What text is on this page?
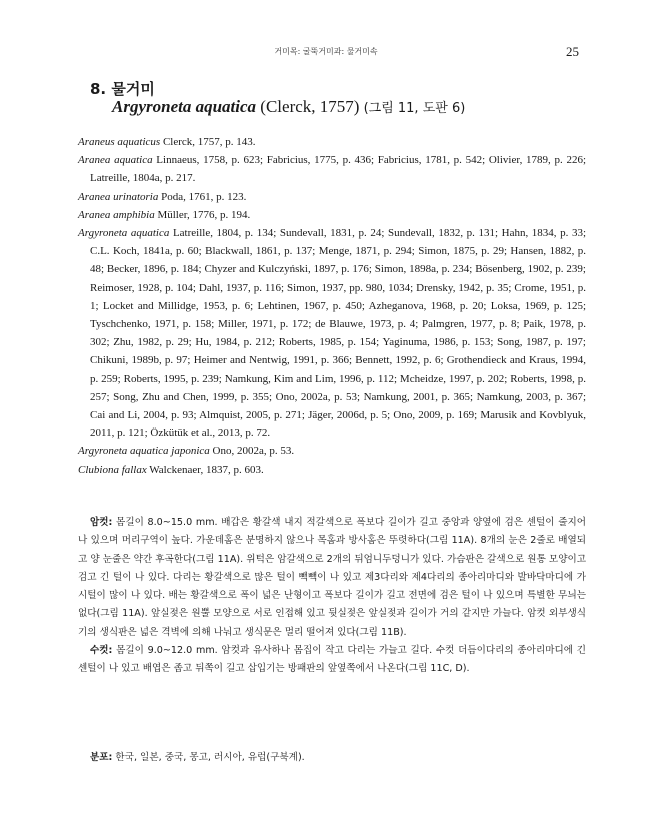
거미목: 굴뚝거미과: 물거미속	25
8. 물거미
Argyroneta aquatica (Clerck, 1757) (그림 11, 도판 6)

Araneus aquaticus Clerck, 1757, p. 143.

Aranea aquatica Linnaeus, 1758, p. 623; Fabricius, 1775, p. 436; Fabricius, 1781, p. 542; Olivier, 1789, p. 226; Latreille, 1804a, p. 217.

Aranea urinatoria Poda, 1761, p. 123.

Aranea amphibia Müller, 1776, p. 194.

Argyroneta aquatica Latreille, 1804, p. 134; Sundevall, 1831, p. 24; Sundevall, 1832, p. 131; Hahn, 1834, p. 33; C.L. Koch, 1841a, p. 60; Blackwall, 1861, p. 137; Menge, 1871, p. 294; Simon, 1875, p. 29; Hansen, 1882, p. 48; Becker, 1896, p. 184; Chyzer and Kulczyński, 1897, p. 176; Simon, 1898a, p. 234; Bösenberg, 1902, p. 239; Reimoser, 1928, p. 104; Dahl, 1937, p. 116; Simon, 1937, pp. 980, 1034; Drensky, 1942, p. 35; Crome, 1951, p. 1; Locket and Millidge, 1953, p. 6; Lehtinen, 1967, p. 450; Azheganova, 1968, p. 20; Loksa, 1969, p. 125; Tyschchenko, 1971, p. 158; Miller, 1971, p. 172; de Blauwe, 1973, p. 4; Palmgren, 1977, p. 8; Paik, 1978, p. 302; Zhu, 1982, p. 29; Hu, 1984, p. 212; Roberts, 1985, p. 154; Yaginuma, 1986, p. 153; Song, 1987, p. 197; Chikuni, 1989b, p. 97; Heimer and Nentwig, 1991, p. 366; Bennett, 1992, p. 6; Grothendieck and Kraus, 1994, p. 259; Roberts, 1995, p. 239; Namkung, Kim and Lim, 1996, p. 112; Mcheidze, 1997, p. 202; Roberts, 1998, p. 257; Song, Zhu and Chen, 1999, p. 355; Ono, 2002a, p. 53; Namkung, 2001, p. 365; Namkung, 2003, p. 367; Cai and Li, 2004, p. 93; Almquist, 2005, p. 271; Jäger, 2006d, p. 5; Ono, 2009, p. 169; Marusik and Kovblyuk, 2011, p. 121; Özkütük et al., 2013, p. 72.

Argyroneta aquatica japonica Ono, 2002a, p. 53.

Clubiona fallax Walckenaer, 1837, p. 603.

암컷: 몸길이 8.0~15.0 mm. 배갑은 황갈색 내지 적갈색으로 폭보다 길이가 길고 중앙과 양옆에 검은 센털이 줄지어 나 있으며 머리구역이 높다. 가운데홈은 분명하지 않으나 목홈과 방사홈은 뚜렷하다(그림 11A). 8개의 눈은 2줄로 배열되고 양 눈줄은 약간 후곡한다(그림 11A). 위턱은 암갈색으로 2개의 뒤엄니두덩니가 있다. 가슴판은 갈색으로 원통 모양이고 검고 긴 털이 나 있다. 다리는 황갈색으로 많은 털이 빽빽이 나 있고 제3다리와 제4다리의 종아리마디와 발바닥마디에 가시털이 많이 나 있다. 배는 황갈색으로 폭이 넓은 난형이고 폭보다 길이가 길고 전면에 검은 털이 나 있으며 특별한 무늬는 없다(그림 11A). 앞실젖은 원뿔 모양으로 서로 인접해 있고 뒷실젖은 앞실젖과 길이가 거의 같지만 가늘다. 암컷 외부생식기의 생식판은 넓은 격벽에 의해 나눠고 생식문은 멀리 떨어져 있다(그림 11B).

수컷: 몸길이 9.0~12.0 mm. 암컷과 유사하나 몸집이 작고 다리는 가늘고 길다. 수컷 더듬이다리의 종아리마디에 긴 센털이 나 있고 배엽은 좁고 뒤쪽이 길고 삽입기는 방패판의 앞옆쪽에서 나온다(그림 11C, D).

분포: 한국, 일본, 중국, 몽고, 러시아, 유럽(구북계).
